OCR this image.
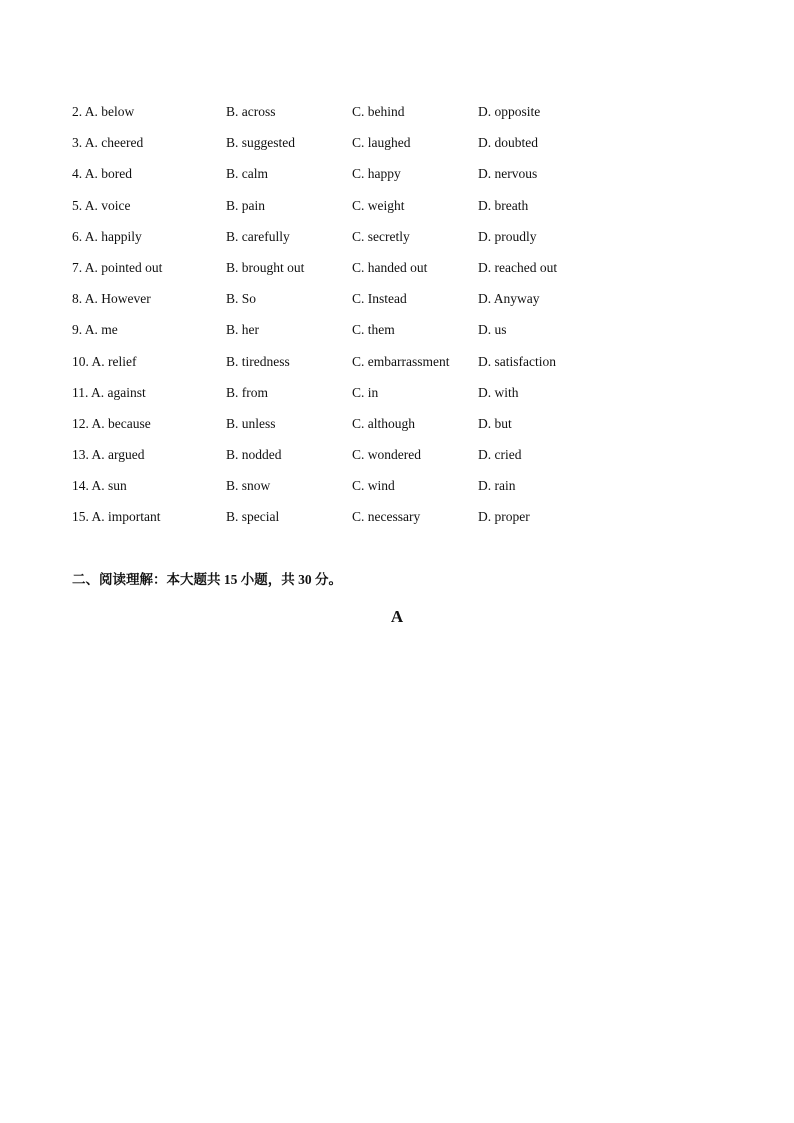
2. A. below	B. across	C. behind	D. opposite
3. A. cheered	B. suggested	C. laughed	D. doubted
4. A. bored	B. calm	C. happy	D. nervous
5. A. voice	B. pain	C. weight	D. breath
6. A. happily	B. carefully	C. secretly	D. proudly
7. A. pointed out	B. brought out	C. handed out	D. reached out
8. A. However	B. So	C. Instead	D. Anyway
9. A. me	B. her	C. them	D. us
10. A. relief	B. tiredness	C. embarrassment D. satisfaction
11. A. against	B. from	C. in	D. with
12. A. because	B. unless	C. although	D. but
13. A. argued	B. nodded	C. wondered	D. cried
14. A. sun	B. snow	C. wind	D. rain
15. A. important	B. special	C. necessary	D. proper
二、阅读理解：本大题共 15 小题，共 30 分。
A
